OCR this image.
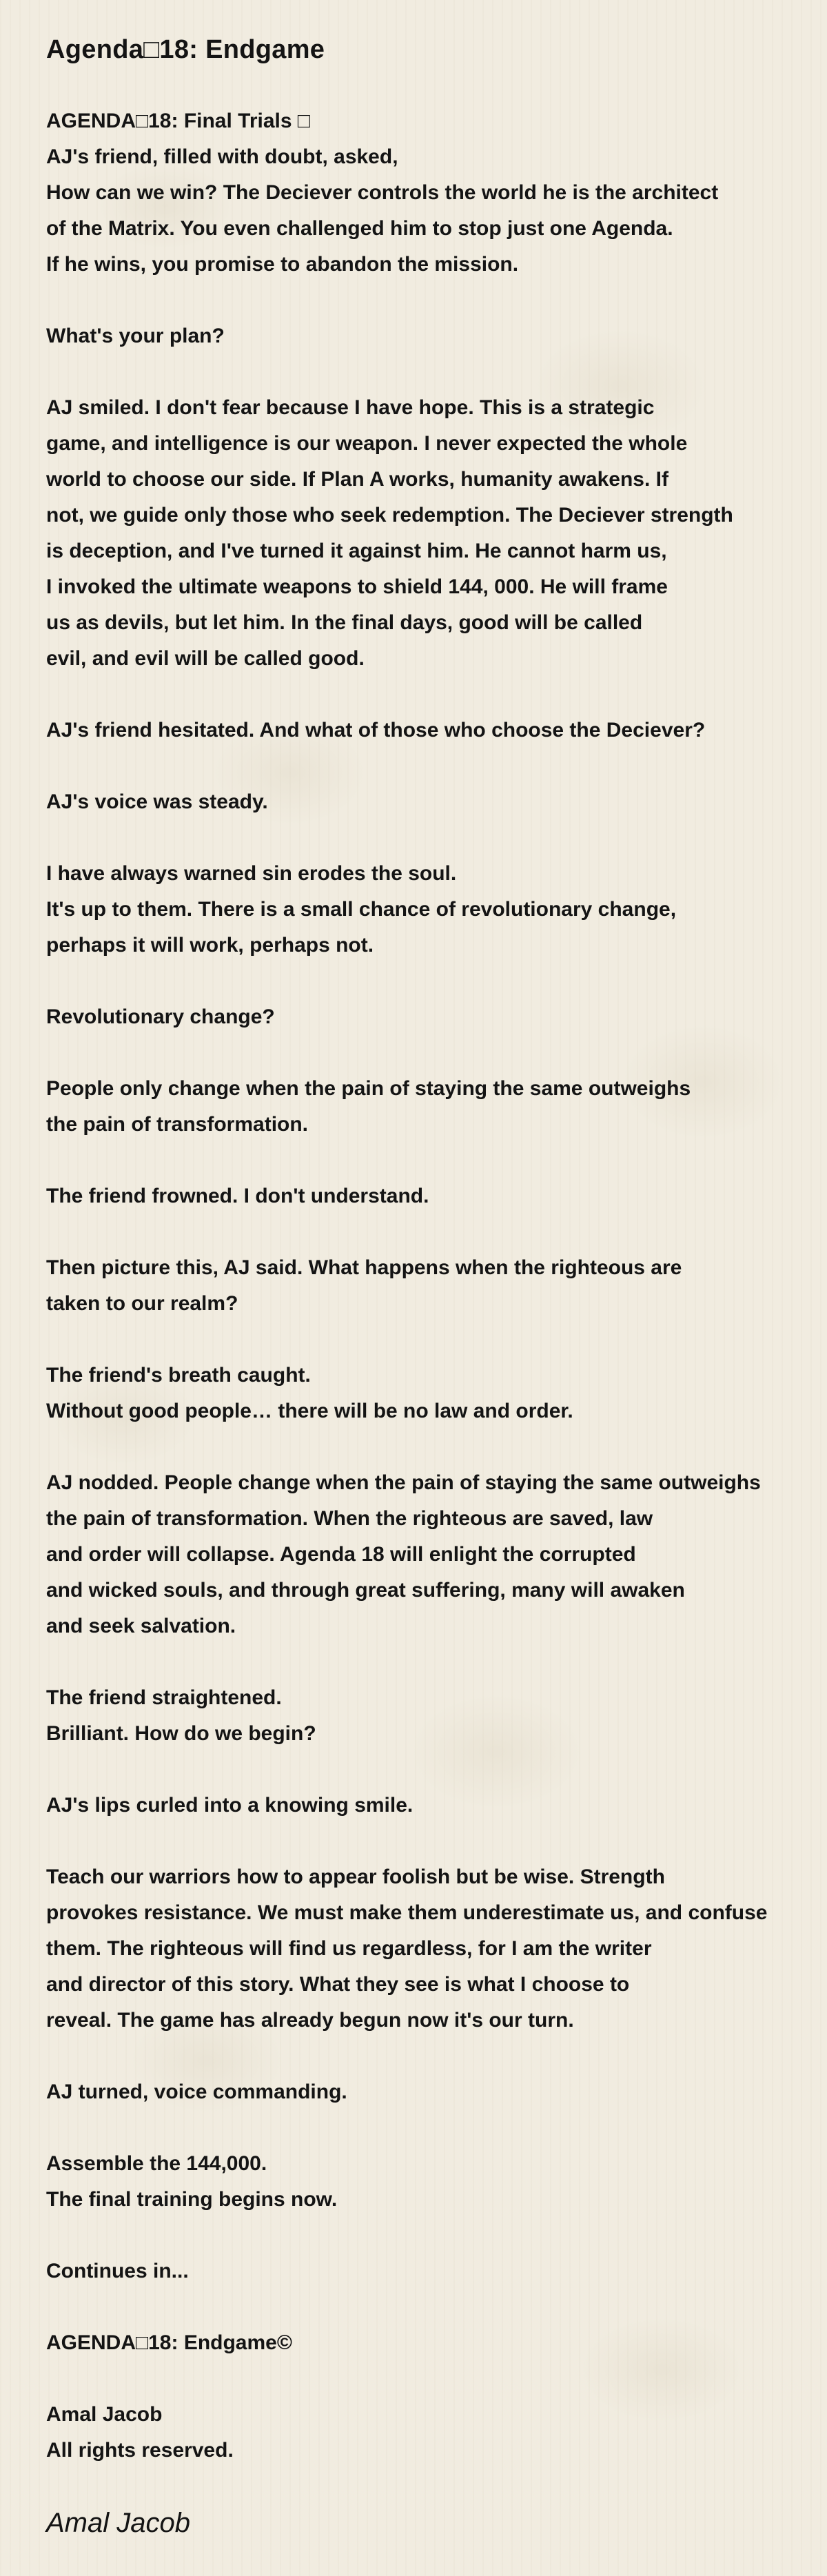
Agenda□18: Endgame
AGENDA□18: Final Trials □
AJ's friend, filled with doubt, asked,
How can we win? The Deciever controls the world he is the architect
of the Matrix. You even challenged him to stop just one Agenda.
If he wins, you promise to abandon the mission.
What's your plan?
AJ smiled. I don't fear because I have hope. This is a strategic
game, and intelligence is our weapon. I never expected the whole
world to choose our side. If Plan A works, humanity awakens. If
not, we guide only those who seek redemption. The Deciever strength
is deception, and I've turned it against him. He cannot harm us,
I invoked the ultimate weapons to shield 144, 000. He will frame
us as devils, but let him. In the final days, good will be called
evil, and evil will be called good.
AJ's friend hesitated. And what of those who choose the Deciever?
AJ's voice was steady.
I have always warned sin erodes the soul.
It's up to them. There is a small chance of revolutionary change,
perhaps it will work, perhaps not.
Revolutionary change?
People only change when the pain of staying the same outweighs
the pain of transformation.
The friend frowned. I don't understand.
Then picture this, AJ said. What happens when the righteous are
taken to our realm?
The friend's breath caught.
Without good people… there will be no law and order.
AJ nodded. People change when the pain of staying the same outweighs
the pain of transformation. When the righteous are saved, law
and order will collapse. Agenda 18 will enlight the corrupted
and wicked souls, and through great suffering, many will awaken
and seek salvation.
The friend straightened.
Brilliant. How do we begin?
AJ's lips curled into a knowing smile.
Teach our warriors how to appear foolish but be wise. Strength
provokes resistance. We must make them underestimate us, and confuse
them. The righteous will find us regardless, for I am the writer
and director of this story. What they see is what I choose to
reveal. The game has already begun now it's our turn.
AJ turned, voice commanding.
Assemble the 144,000.
The final training begins now.
Continues in...
AGENDA□18: Endgame©
Amal Jacob
All rights reserved.
Amal Jacob
